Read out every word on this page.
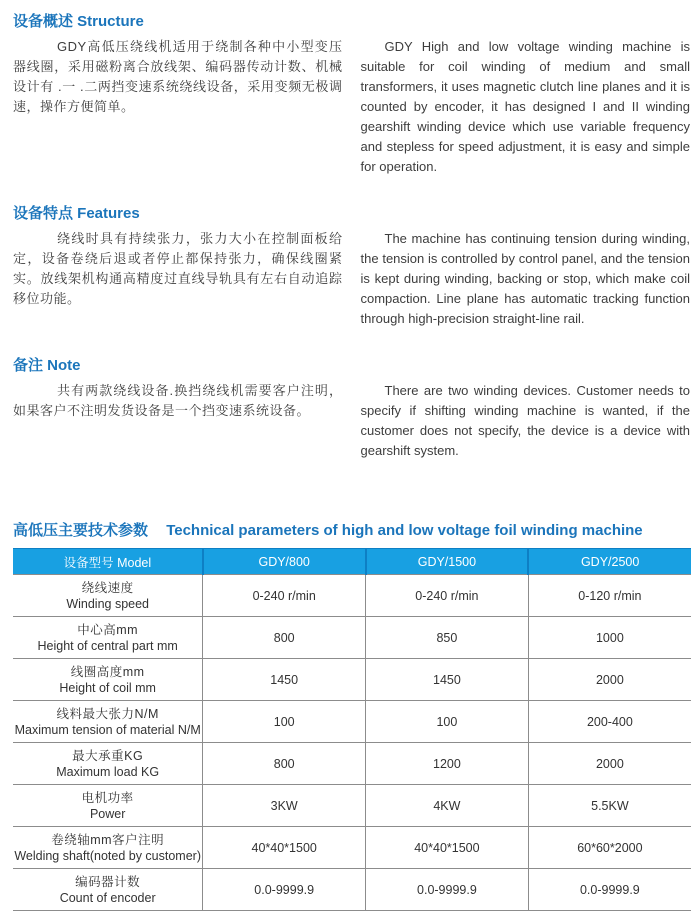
设备概述 Structure

GDY高低压绕线机适用于绕制各种中小型变压器线圈，采用磁粉离合放线架、编码器传动计数、机械设计有 .一 .二两挡变速系统绕线设备，采用变频无极调速，操作方便简单。

GDY High and low voltage winding machine is suitable for coil winding of medium and small transformers, it uses magnetic clutch line planes and it is counted by encoder, it has designed I and II winding gearshift winding device which use variable frequency and stepless for speed adjustment, it is easy and simple for operation.

设备特点 Features

绕线时具有持续张力，张力大小在控制面板给定，设备卷绕后退或者停止都保持张力，确保线圈紧实。放线架机构通高精度过直线导轨具有左右自动追踪移位功能。

The machine has continuing tension during winding, the tension is controlled by control panel, and the tension is kept during winding, backing or stop, which make coil compaction. Line plane has automatic tracking function through high-precision straight-line rail.

备注 Note

共有两款绕线设备.换挡绕线机需要客户注明，如果客户不注明发货设备是一个挡变速系统设备。

There are two winding devices. Customer needs to specify if shifting winding machine is wanted, if the customer does not specify, the device is a device with gearshift system.

高低压主要技术参数 Technical parameters of high and low voltage foil winding machine
设备型号 Model	GDY/800	GDY/1500	GDY/2500

绕线速度
Winding speed	0-240 r/min	0-240 r/min	0-120 r/min

中心高mm
Height of central part mm	800	850	1000

线圈高度mm
Height of coil mm	1450	1450	2000

线料最大张力N/M
Maximum tension of material N/M	100	100	200-400

最大承重KG
Maximum load KG	800	1200	2000

电机功率
Power	3KW	4KW	5.5KW

卷绕轴mm客户注明
Welding shaft(noted by customer)	40*40*1500	40*40*1500	60*60*2000

编码器计数
Count of encoder	0.0-9999.9	0.0-9999.9	0.0-9999.9
